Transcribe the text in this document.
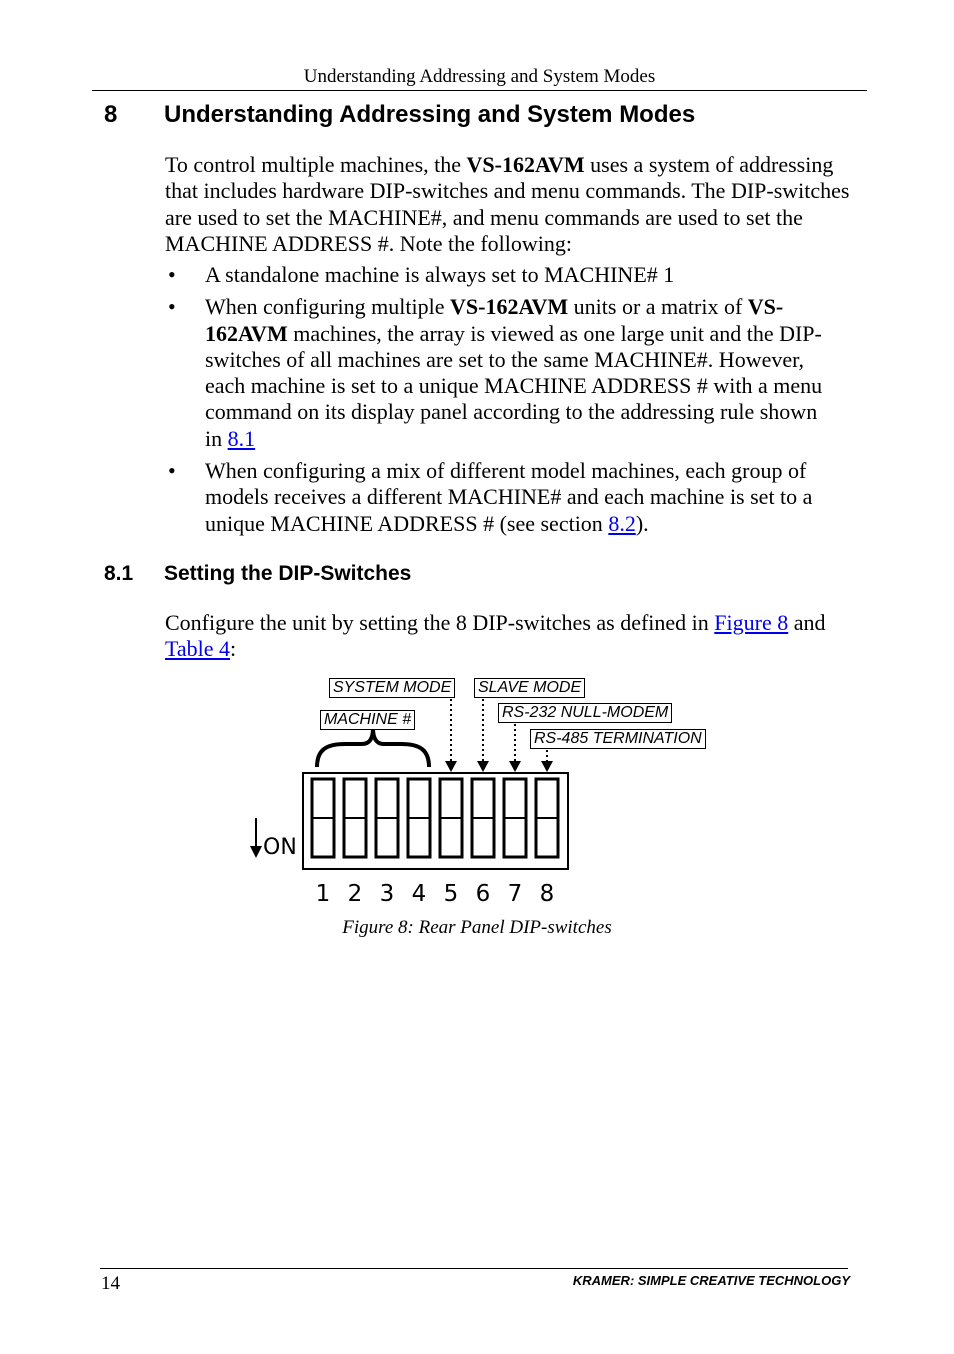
Understanding Addressing and System Modes
8 Understanding Addressing and System Modes
To control multiple machines, the VS-162AVM uses a system of addressing that includes hardware DIP-switches and menu commands. The DIP-switches are used to set the MACHINE#, and menu commands are used to set the MACHINE ADDRESS #. Note the following:
• A standalone machine is always set to MACHINE# 1
• When configuring multiple VS-162AVM units or a matrix of VS-162AVM machines, the array is viewed as one large unit and the DIP-switches of all machines are set to the same MACHINE#. However, each machine is set to a unique MACHINE ADDRESS # with a menu command on its display panel according to the addressing rule shown in 8.1
• When configuring a mix of different model machines, each group of models receives a different MACHINE# and each machine is set to a unique MACHINE ADDRESS # (see section 8.2).
8.1 Setting the DIP-Switches
Configure the unit by setting the 8 DIP-switches as defined in Figure 8 and Table 4:
1 2 3 4 5 6 7 8
ON
SYSTEM MODE SLAVE MODE
MACHINE #	RS-232 NULL-MODEM
RS-485 TERMINATION
Figure 8: Rear Panel DIP-switches
14	KRAMER: SIMPLE CREATIVE TECHNOLOGY
